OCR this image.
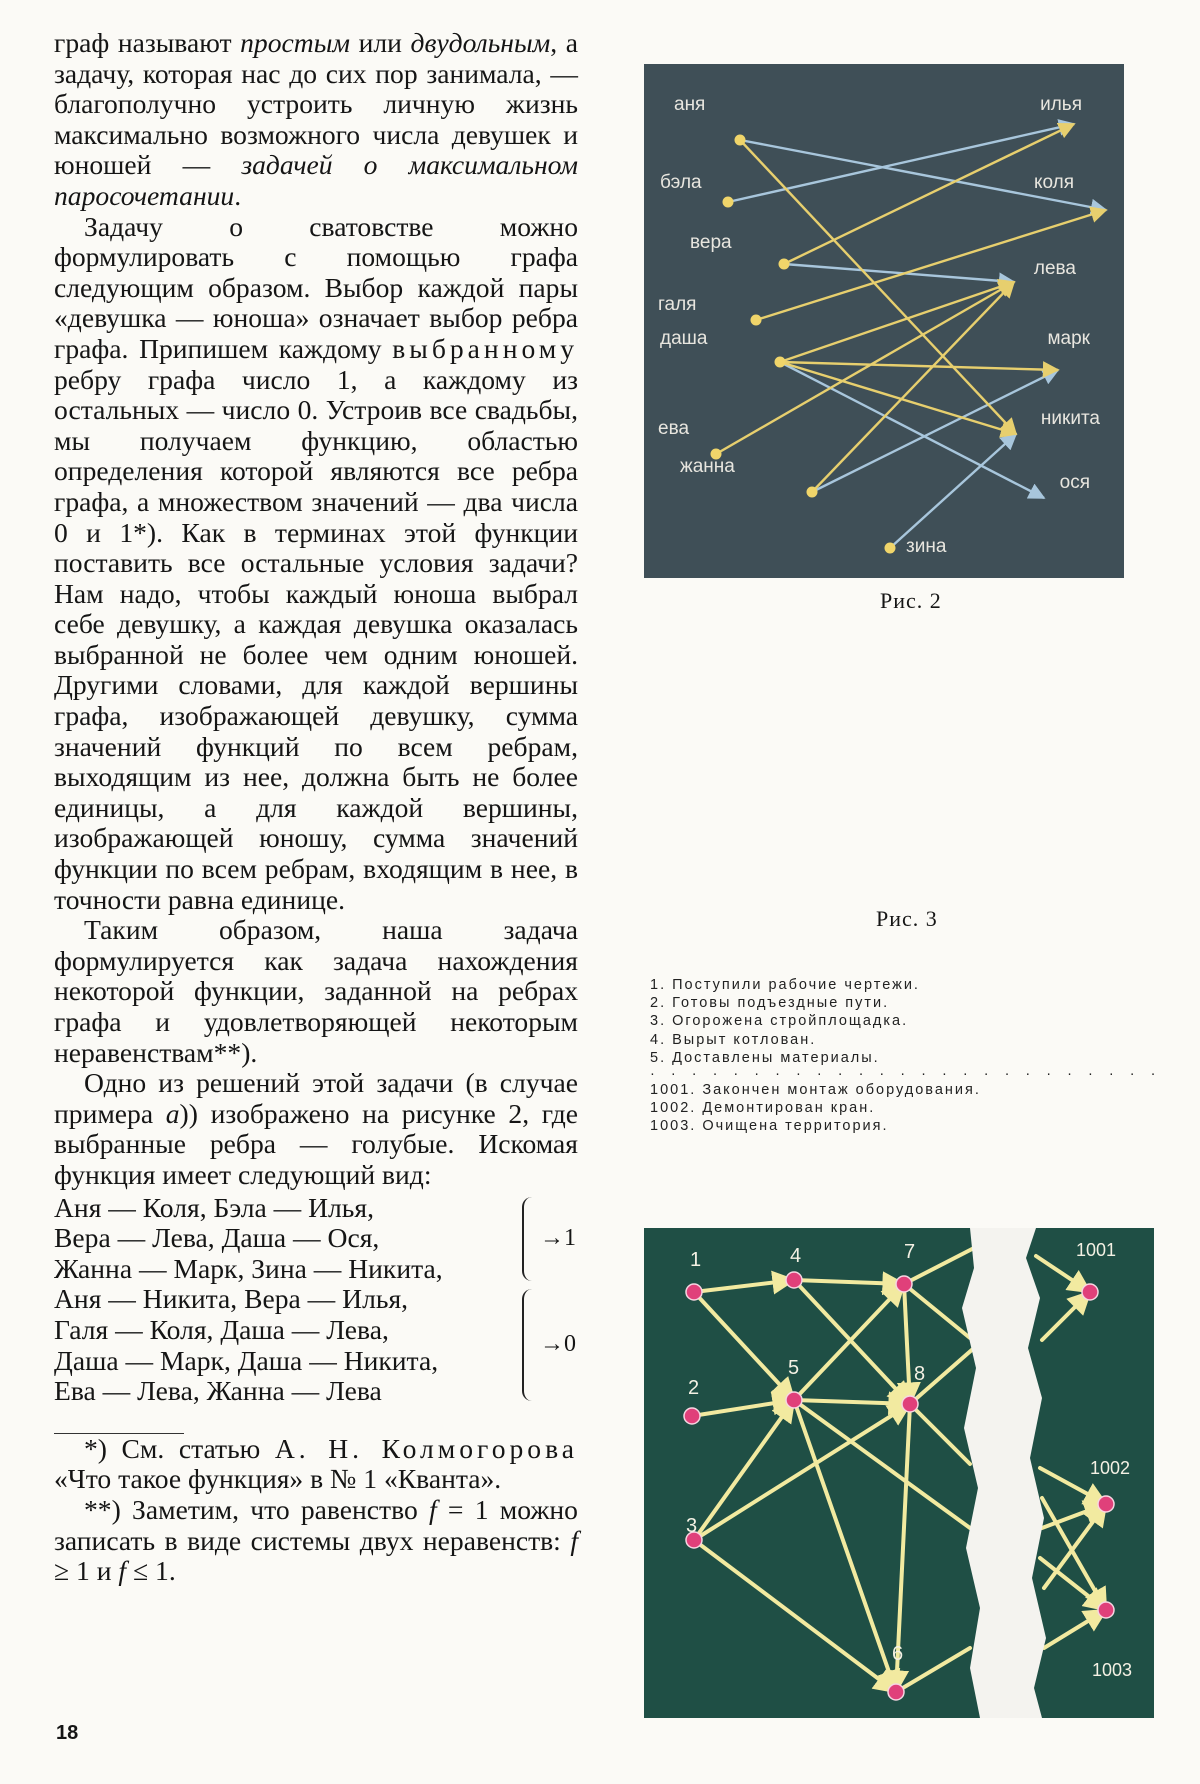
граф называют простым или двудольным, а задачу, которая нас до сих пор занимала, — благополучно устроить личную жизнь максимально возможного числа девушек и юношей — задачей о максимальном паросочетании.

Задачу о сватовстве можно формулировать с помощью графа следующим образом. Выбор каждой пары «девушка — юноша» означает выбор ребра графа. Припишем каждому выбранному ребру графа число 1, а каждому из остальных — число 0. Устроив все свадьбы, мы получаем функцию, областью определения которой являются все ребра графа, а множеством значений — два числа 0 и 1*). Как в терминах этой функции поставить все остальные условия задачи? Нам надо, чтобы каждый юноша выбрал себе девушку, а каждая девушка оказалась выбранной не более чем одним юношей. Другими словами, для каждой вершины графа, изображающей девушку, сумма значений функций по всем ребрам, выходящим из нее, должна быть не более единицы, а для каждой вершины, изображающей юношу, сумма значений функции по всем ребрам, входящим в нее, в точности равна единице.

Таким образом, наша задача формулируется как задача нахождения некоторой функции, заданной на ребрах графа и удовлетворяющей некоторым неравенствам**).

Одно из решений этой задачи (в случае примера а)) изображено на рисунке 2, где выбранные ребра — голубые. Искомая функция имеет следующий вид:

Аня — Коля, Бэла — Илья,
Вера — Лева, Даша — Ося,
Жанна — Марк, Зина — Никита,
Аня — Никита, Вера — Илья,
Галя — Коля, Даша — Лева,
Даша — Марк, Даша — Никита,
Ева — Лева, Жанна — Лева
→1
→0

*) См. статью А. Н. Колмогорова «Что такое функция» в № 1 «Кванта».

**) Заметим, что равенство f = 1 можно записать в виде системы двух неравенств: f ≥ 1 и f ≤ 1.

18
аня
бэла
вера
галя
даша
ева
жанна
зина
илья
коля
лева
марк
никита
ося
Рис. 2
Рис. 3
1. Поступили рабочие чертежи.
2. Готовы подъездные пути.
3. Огорожена стройплощадка.
4. Вырыт котлован.
5. Доставлены материалы.
· · · · · · · · · · · · · · · · · · · · · · · · ·
1001. Закончен монтаж оборудования.
1002. Демонтирован кран.
1003. Очищена территория.
1
2
3
4
5
6
7
8
1001
1002
1003
